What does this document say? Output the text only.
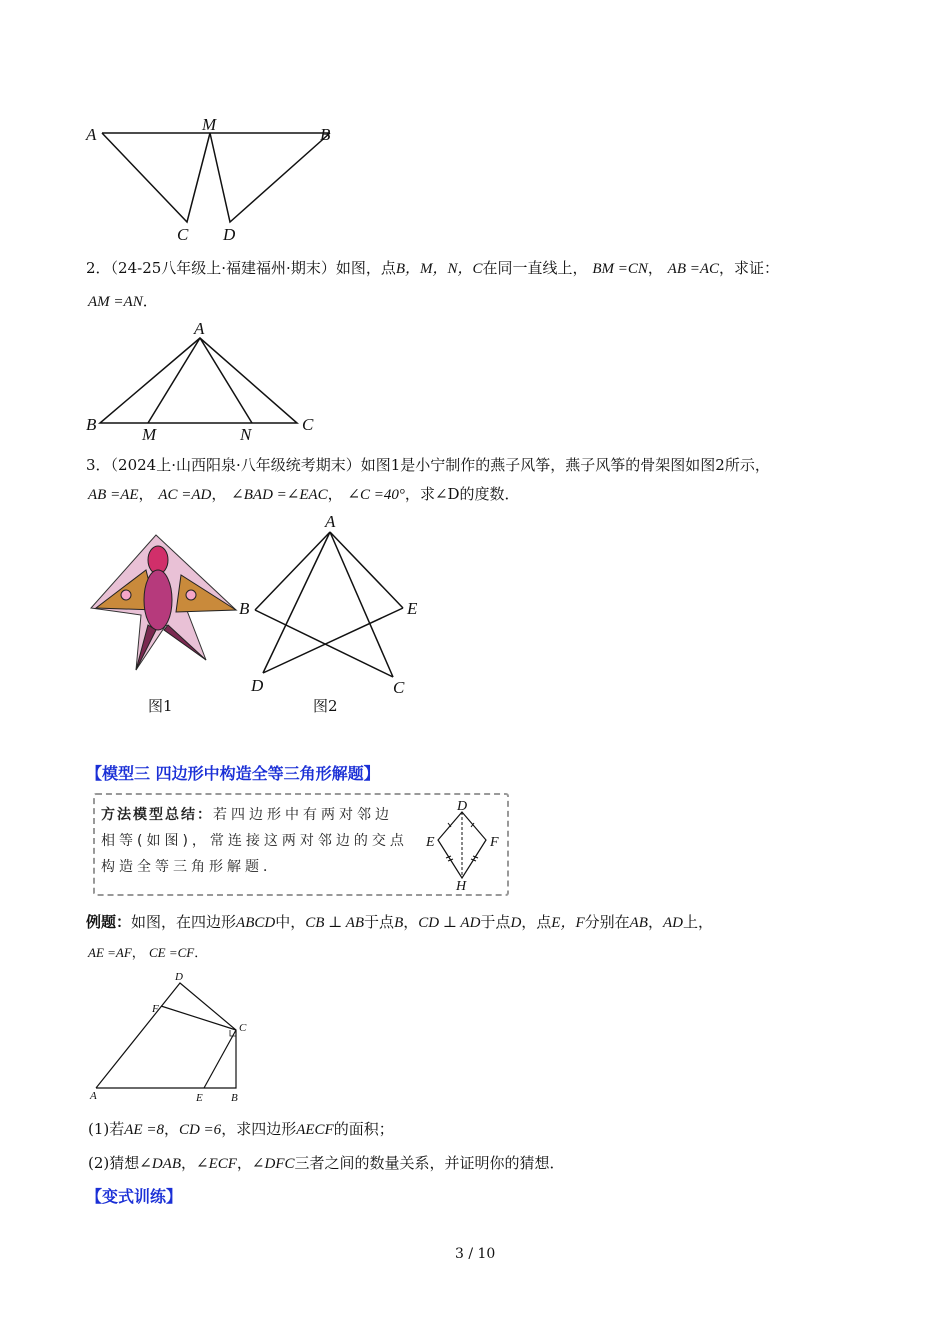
A
M
B
C D
2．（24-25八年级上·福建福州·期末）如图，点B，M，N，C在同一直线上， BM =CN， AB =AC，求证：
AM =AN．
A
B
M	N
C
3．（2024上·山西阳泉·八年级统考期末）如图1是小宁制作的燕子风筝，燕子风筝的骨架图如图2所示，
AB =AE， AC =AD， ∠BAD =∠EAC， ∠C =40°，求∠D的度数．
图1
A
B	E
D	C
图2
【模型三 四边形中构造全等三角形解题】
方法模型总结：若四边形中有两对邻边
相等(如图)，常连接这两对邻边的交点
构造全等三角形解题．
D
E	F
H
例题：如图，在四边形ABCD中，CB ⊥ AB于点B，CD ⊥ AD于点D，点E，F分别在AB，AD上，
AE =AF， CE =CF．
D
F
C
A	E	B
(1)若AE =8，CD =6，求四边形AECF的面积；
(2)猜想∠DAB，∠ECF，∠DFC三者之间的数量关系，并证明你的猜想．
【变式训练】
3 / 10
